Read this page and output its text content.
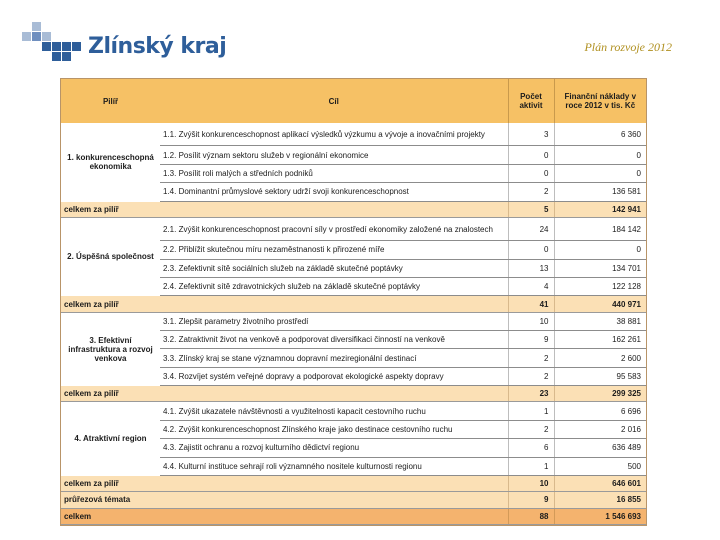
Zlínský kraj	Plán rozvoje 2012
Pilíř	Cíl	Počet aktivit	Finanční náklady v roce 2012 v tis. Kč
1. konkurenceschopná ekonomika	1.1. Zvýšit konkurenceschopnost aplikací výsledků výzkumu a vývoje a inovačními projekty	3	6 360
	1.2. Posílit význam sektoru služeb v regionální ekonomice	0	0
	1.3. Posílit roli malých a středních podniků	0	0
	1.4. Dominantní průmyslové sektory udrží svoji konkurenceschopnost	2	136 581
celkem za pilíř		5	142 941
2. Úspěšná společnost	2.1. Zvýšit konkurenceschopnost pracovní síly v prostředí ekonomiky založené na znalostech	24	184 142
	2.2. Přiblížit skutečnou míru nezaměstnanosti k přirozené míře	0	0
	2.3. Zefektivnit sítě sociálních služeb na základě skutečné poptávky	13	134 701
	2.4. Zefektivnit sítě zdravotnických služeb na základě skutečné poptávky	4	122 128
celkem za pilíř		41	440 971
3. Efektivní infrastruktura a rozvoj venkova	3.1. Zlepšit parametry životního prostředí	10	38 881
	3.2. Zatraktivnit život na venkově a podporovat diversifikaci činností na venkově	9	162 261
	3.3. Zlínský kraj se stane významnou dopravní meziregionální destinací	2	2 600
	3.4. Rozvíjet systém veřejné dopravy a podporovat ekologické aspekty dopravy	2	95 583
celkem za pilíř		23	299 325
4. Atraktivní region	4.1. Zvýšit ukazatele návštěvnosti a využitelnosti kapacit cestovního ruchu	1	6 696
	4.2. Zvýšit konkurenceschopnost Zlínského kraje jako destinace cestovního ruchu	2	2 016
	4.3. Zajistit ochranu a rozvoj kulturního dědictví regionu	6	636 489
	4.4. Kulturní instituce sehrají roli významného nositele kulturnosti regionu	1	500
celkem za pilíř		10	646 601
průřezová témata		9	16 855
celkem		88	1 546 693
